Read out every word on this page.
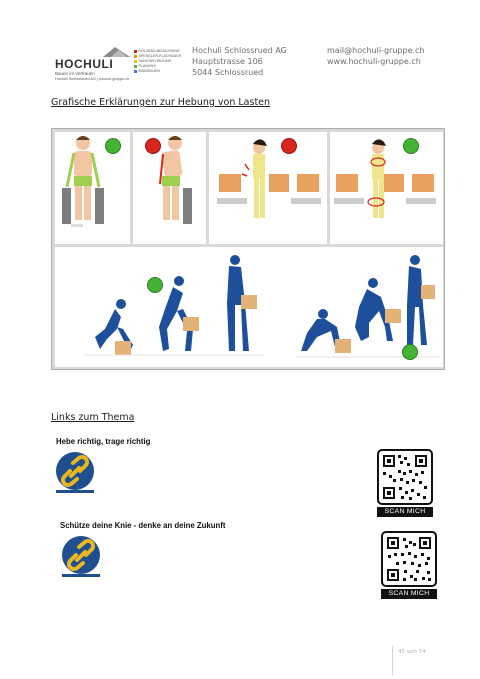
HOCHULI
Bauen im Vertrauen
Hochuli Schlossrued AG | hochuli-gruppe.ch
HOLZBAU-BEDACHUNG
SPENGLER-FLACHDACH
SANITÄR-HEIZUNG
PLANUNG
IMMOBILIEN
Hochuli Schlossrued AG
Hauptstrasse 106
5044 Schlossrued
mail@hochuli-gruppe.ch
www.hochuli-gruppe.ch
Grafische Erklärungen zur Hebung von Lasten
Links zum Thema
Hebe richtig, trage richtig
SCAN MICH
Schütze deine Knie - denke an deine Zukunft
SCAN MICH
45 von 74
